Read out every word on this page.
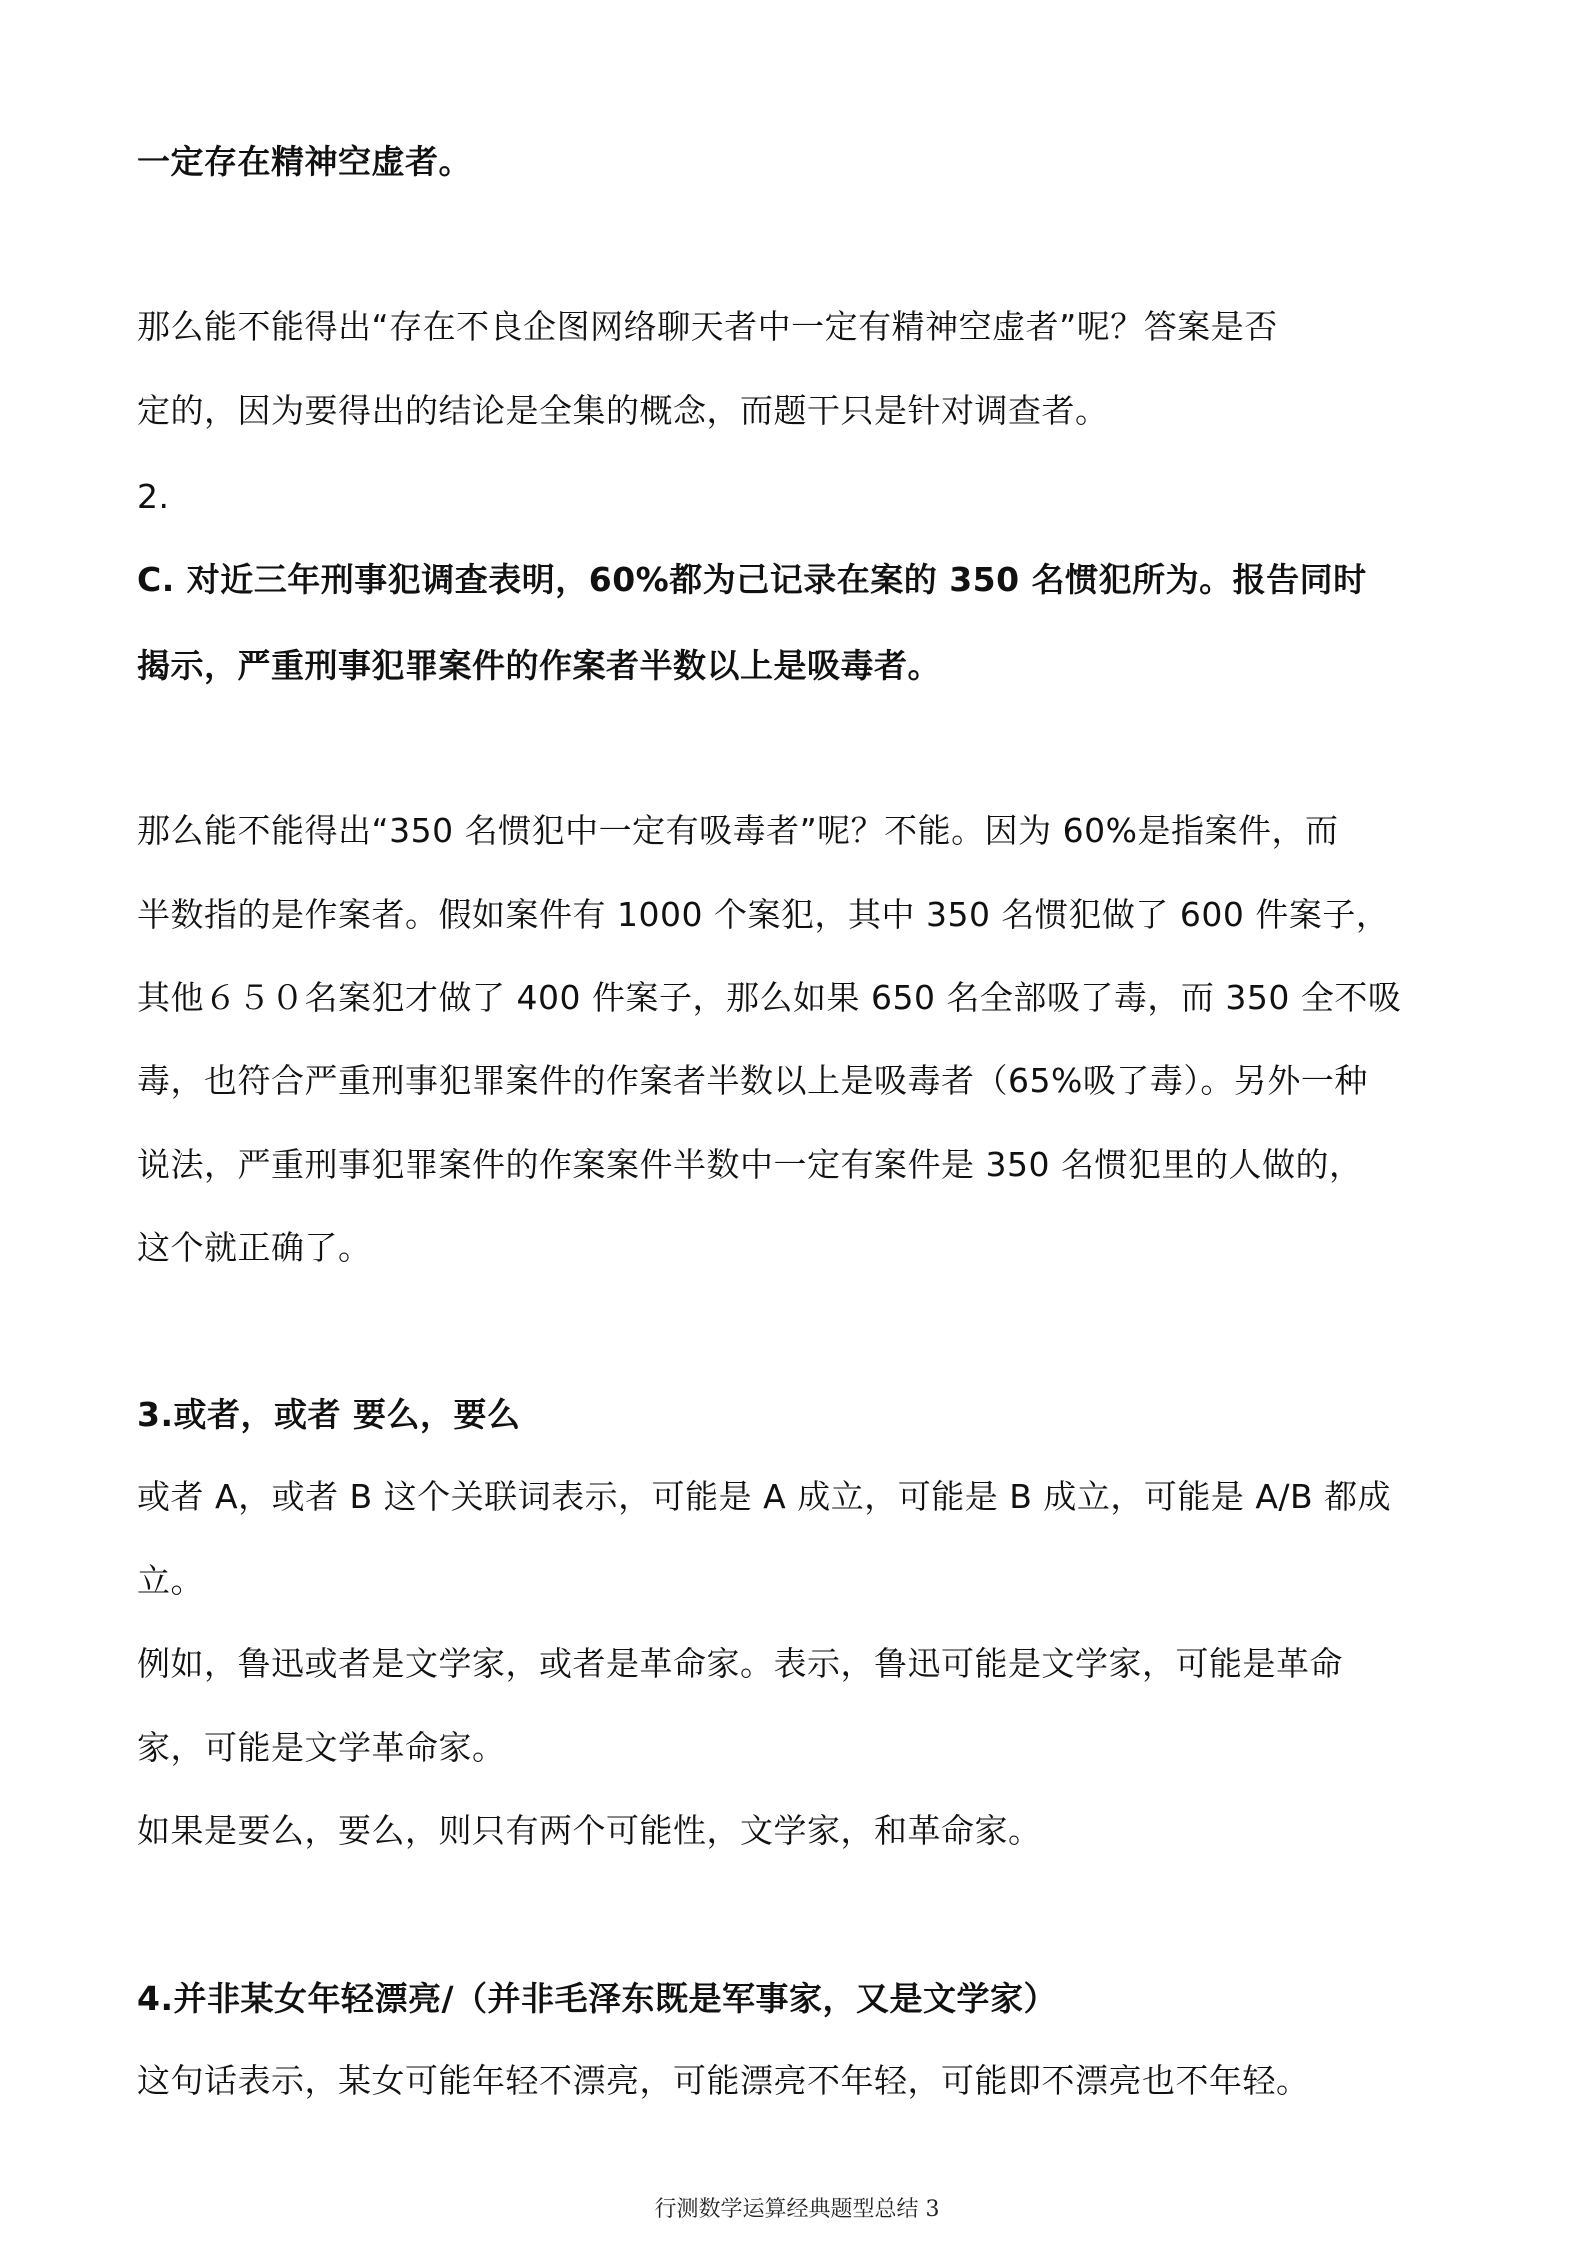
一定存在精神空虚者。
那么能不能得出“存在不良企图网络聊天者中一定有精神空虚者”呢？答案是否
定的，因为要得出的结论是全集的概念，而题干只是针对调查者。
2.
C. 对近三年刑事犯调查表明，60%都为己记录在案的 350 名惯犯所为。报告同时
揭示，严重刑事犯罪案件的作案者半数以上是吸毒者。
那么能不能得出“350 名惯犯中一定有吸毒者”呢？不能。因为 60%是指案件，而
半数指的是作案者。假如案件有 1000 个案犯，其中 350 名惯犯做了 600 件案子，
其他６５０名案犯才做了 400 件案子，那么如果 650 名全部吸了毒，而 350 全不吸
毒，也符合严重刑事犯罪案件的作案者半数以上是吸毒者（65%吸了毒）。另外一种
说法，严重刑事犯罪案件的作案案件半数中一定有案件是 350 名惯犯里的人做的，
这个就正确了。
3.或者，或者 要么，要么
或者 A，或者 B 这个关联词表示，可能是 A 成立，可能是 B 成立，可能是 A/B 都成
立。
例如，鲁迅或者是文学家，或者是革命家。表示，鲁迅可能是文学家，可能是革命
家，可能是文学革命家。
如果是要么，要么，则只有两个可能性，文学家，和革命家。
4.并非某女年轻漂亮/（并非毛泽东既是军事家，又是文学家）
这句话表示，某女可能年轻不漂亮，可能漂亮不年轻，可能即不漂亮也不年轻。
行测数学运算经典题型总结 3
